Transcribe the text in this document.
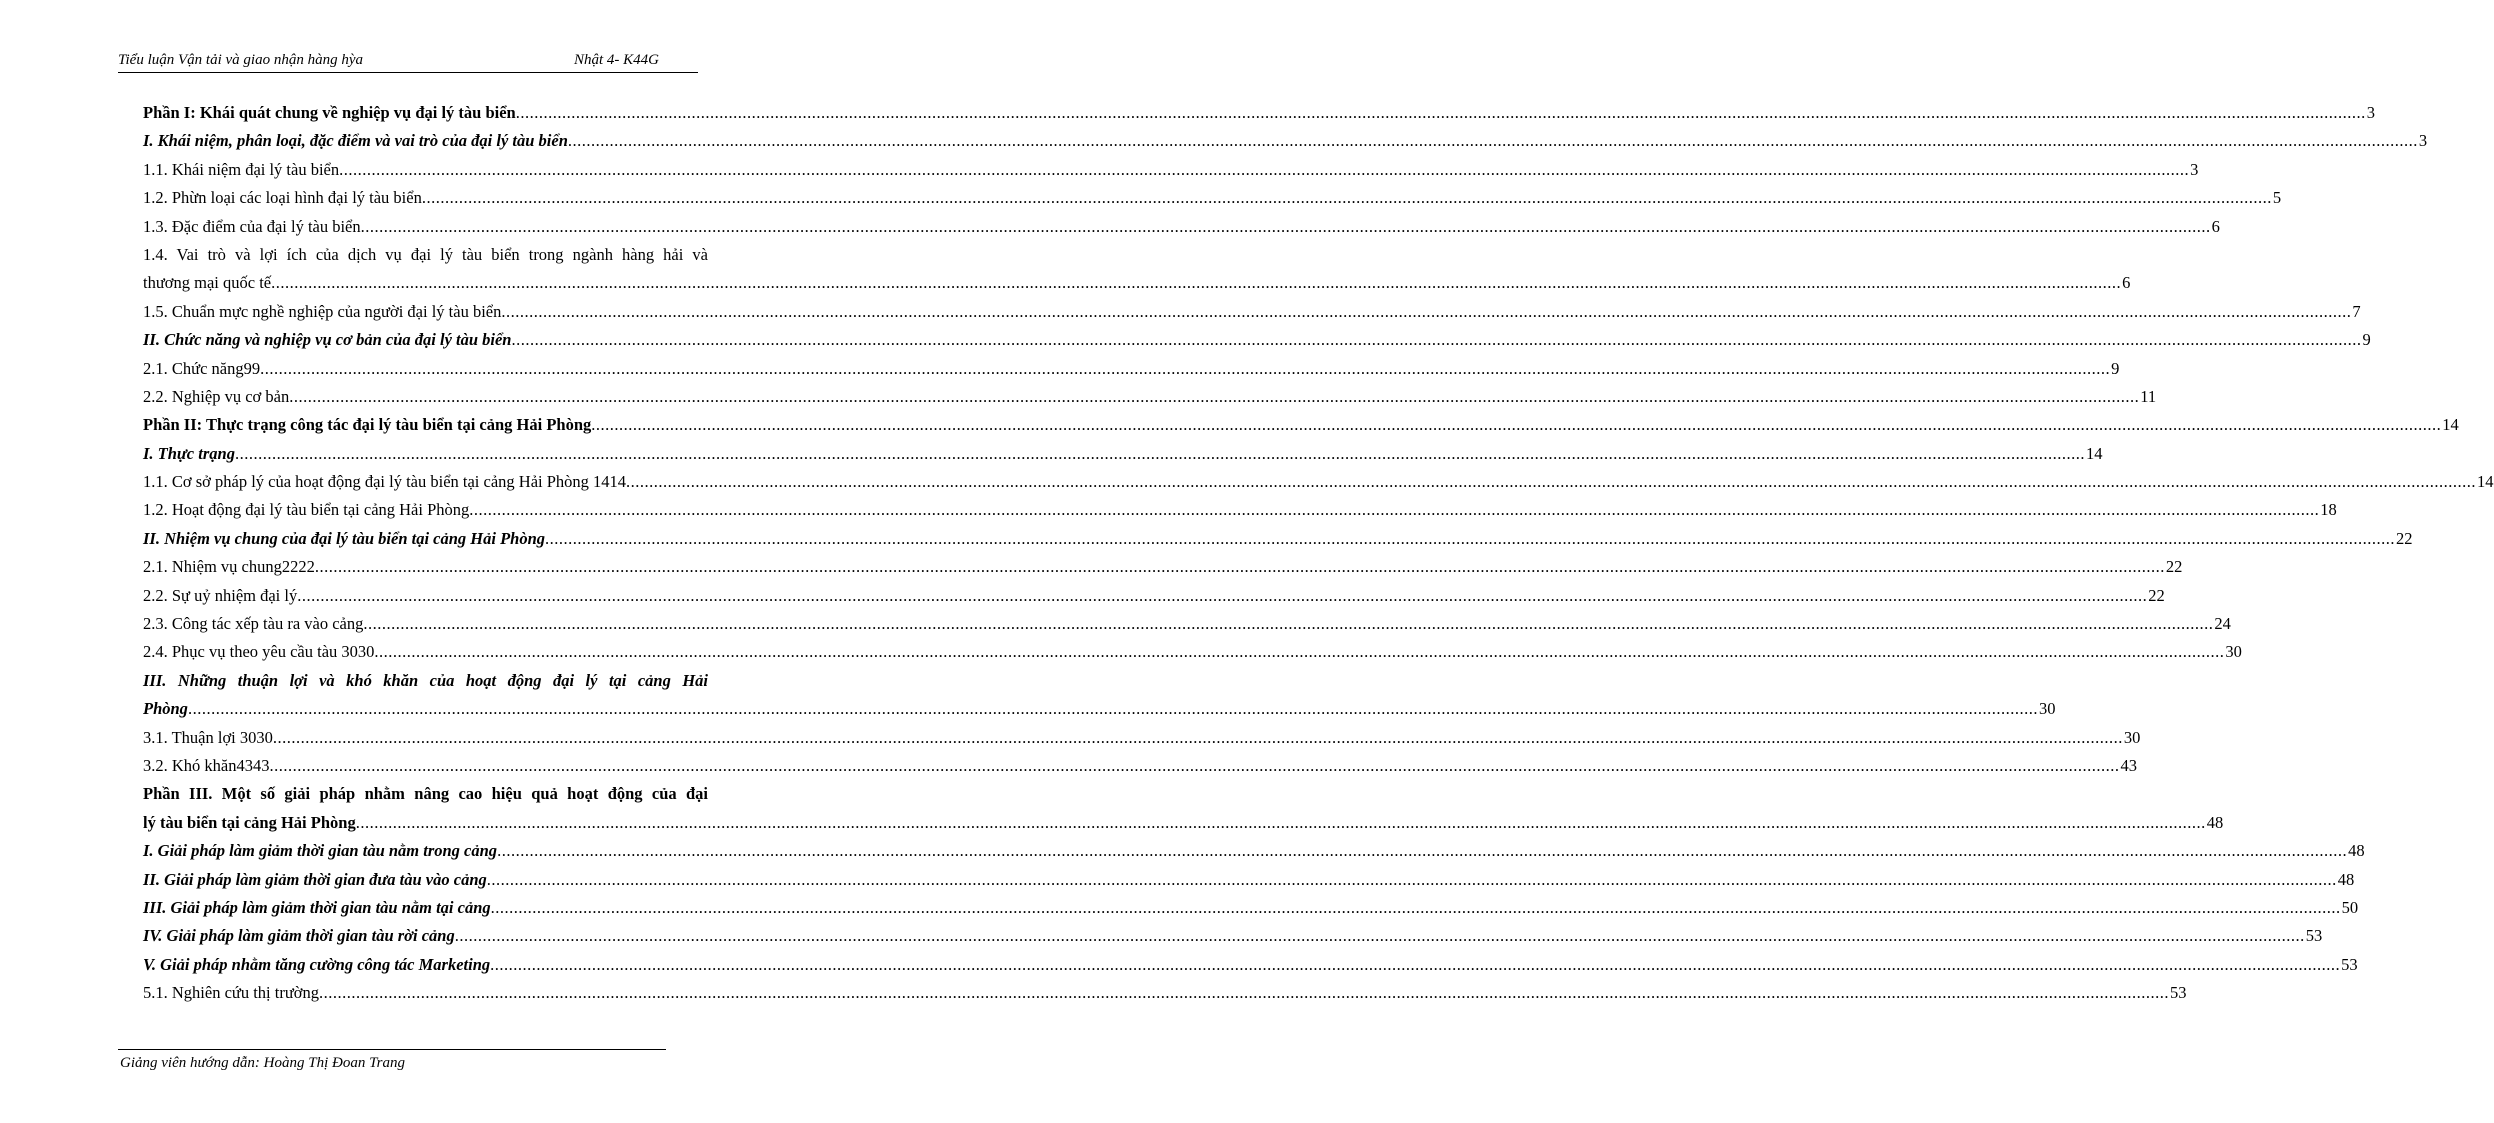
Tiểu luận Vận tải và giao nhận hàng hỳa	Nhật 4- K44G
Phần I: Khái quát chung về nghiệp vụ đại lý tàu biển ................................................................................................................................................................................................................................................................................................................................................................................................................ 3
I. Khái niệm, phân loại, đặc điểm và vai trò của đại lý tàu biển ................................................................................................................................................................................................................................................................................................................................................................................................................ 3
1.1. Khái niệm đại lý tàu biển ................................................................................................................................................................................................................................................................................................................................................................................................................ 3
1.2. Phừn loại các loại hình đại lý tàu biển ................................................................................................................................................................................................................................................................................................................................................................................................................ 5
1.3. Đặc điểm của đại lý tàu biển ................................................................................................................................................................................................................................................................................................................................................................................................................ 6
1.4. Vai trò và lợi ích của dịch vụ đại lý tàu biển trong ngành hàng hải và
thương mại quốc tế ................................................................................................................................................................................................................................................................................................................................................................................................................ 6
1.5. Chuẩn mực nghề nghiệp của người đại lý tàu biển ................................................................................................................................................................................................................................................................................................................................................................................................................ 7
II. Chức năng và nghiệp vụ cơ bản của đại lý tàu biển ................................................................................................................................................................................................................................................................................................................................................................................................................ 9
2.1. Chức năng99 ................................................................................................................................................................................................................................................................................................................................................................................................................ 9
2.2. Nghiệp vụ cơ bản ................................................................................................................................................................................................................................................................................................................................................................................................................ 11
Phần II: Thực trạng công tác đại lý tàu biển tại cảng Hải Phòng ................................................................................................................................................................................................................................................................................................................................................................................................................ 14
I. Thực trạng ................................................................................................................................................................................................................................................................................................................................................................................................................ 14
1.1. Cơ sở pháp lý của hoạt động đại lý tàu biển tại cảng Hải Phòng 1414 ................................................................................................................................................................................................................................................................................................................................................................................................................ 14
1.2. Hoạt động đại lý tàu biển tại cảng Hải Phòng ................................................................................................................................................................................................................................................................................................................................................................................................................ 18
II. Nhiệm vụ chung của đại lý tàu biển tại cảng Hải Phòng ................................................................................................................................................................................................................................................................................................................................................................................................................ 22
2.1. Nhiệm vụ chung2222 ................................................................................................................................................................................................................................................................................................................................................................................................................ 22
2.2. Sự uỷ nhiệm đại lý ................................................................................................................................................................................................................................................................................................................................................................................................................ 22
2.3. Công tác xếp tàu ra vào cảng ................................................................................................................................................................................................................................................................................................................................................................................................................ 24
2.4. Phục vụ theo yêu cầu tàu 3030 ................................................................................................................................................................................................................................................................................................................................................................................................................ 30
III. Những thuận lợi và khó khăn của hoạt động đại lý tại cảng Hải
Phòng ................................................................................................................................................................................................................................................................................................................................................................................................................ 30
3.1. Thuận lợi 3030 ................................................................................................................................................................................................................................................................................................................................................................................................................ 30
3.2. Khó khăn4343 ................................................................................................................................................................................................................................................................................................................................................................................................................ 43
Phần III. Một số giải pháp nhằm nâng cao hiệu quả hoạt động của đại
lý tàu biển tại cảng Hải Phòng ................................................................................................................................................................................................................................................................................................................................................................................................................ 48
I. Giải pháp làm giảm thời gian tàu nằm trong cảng ................................................................................................................................................................................................................................................................................................................................................................................................................ 48
II. Giải pháp làm giảm thời gian đưa tàu vào cảng ................................................................................................................................................................................................................................................................................................................................................................................................................ 48
III. Giải pháp làm giảm thời gian tàu nằm tại cảng ................................................................................................................................................................................................................................................................................................................................................................................................................ 50
IV. Giải pháp làm giảm thời gian tàu rời cảng ................................................................................................................................................................................................................................................................................................................................................................................................................ 53
V. Giải pháp nhằm tăng cường công tác Marketing ................................................................................................................................................................................................................................................................................................................................................................................................................ 53
5.1. Nghiên cứu thị trường ................................................................................................................................................................................................................................................................................................................................................................................................................ 53
Giảng viên hướng dẫn: Hoàng Thị Đoan Trang
